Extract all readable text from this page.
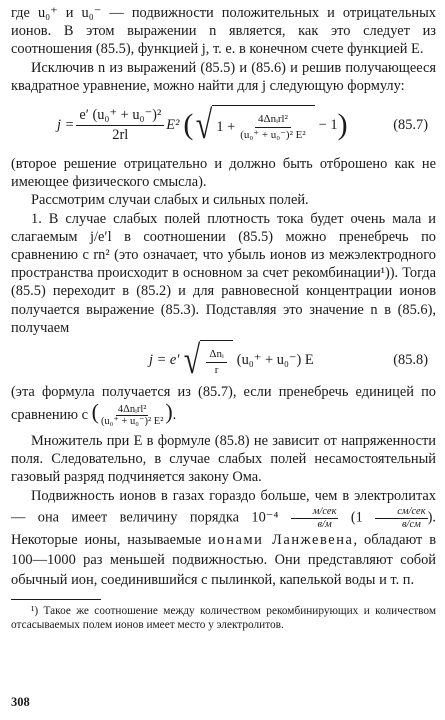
где u₀⁺ и u₀⁻ — подвижности положительных и отрицательных ионов. В этом выражении n является, как это следует из соотношения (85.5), функцией j, т. е. в конечном счете функцией E.

Исключив n из выражений (85.5) и (85.6) и решив получающееся квадратное уравнение, можно найти для j следующую формулу:

$j = \frac{\text{e′ (u₀⁺ + u₀⁻)²}}{2rl} E^2$ ( √ $1 + \frac{\text{4Δnᵢrl²}}{\text{(u₀⁺ + u₀⁻)² E²}} - 1$ )	(85.7)

(второе решение отрицательно и должно быть отброшено как не имеющее физического смысла).

Рассмотрим случаи слабых и сильных полей.

1. В случае слабых полей плотность тока будет очень мала и слагаемым j/e′l в соотношении (85.5) можно пренебречь по сравнению с rn² (это означает, что убыль ионов из межэлектродного пространства происходит в основном за счет рекомбинации¹)). Тогда (85.5) переходит в (85.2) и для равновесной концентрации ионов получается выражение (85.3). Подставляя это значение n в (85.6), получаем

j = e′ √ $\frac{\text{Δnᵢ}}{r} (u_0^+ + u_0^-)$ E	(85.8)

(эта формула получается из (85.7), если пренебречь единицей по сравнению с ( $\frac{\text{4Δnᵢrl²}}{\text{(u₀⁺ + u₀⁻)² E²}}$ ).

Множитель при E в формуле (85.8) не зависит от напряженности поля. Следовательно, в случае слабых полей несамостоятельный газовый разряд подчиняется закону Ома.

Подвижность ионов в газах гораздо больше, чем в электролитах — она имеет величину порядка $10^{-4} \frac{\text{м/сек}}{в/м} (1 \frac{\text{см/сек}}{в/см}$ ). Некоторые ионы, называемые ионами Ланжевена, обладают в 100—1000 раз меньшей подвижностью. Они представляют собой обычный ион, соединившийся с пылинкой, капелькой воды и т. п.

¹) Такое же соотношение между количеством рекомбинирующих и количеством отсасываемых полем ионов имеет место у электролитов.

308
